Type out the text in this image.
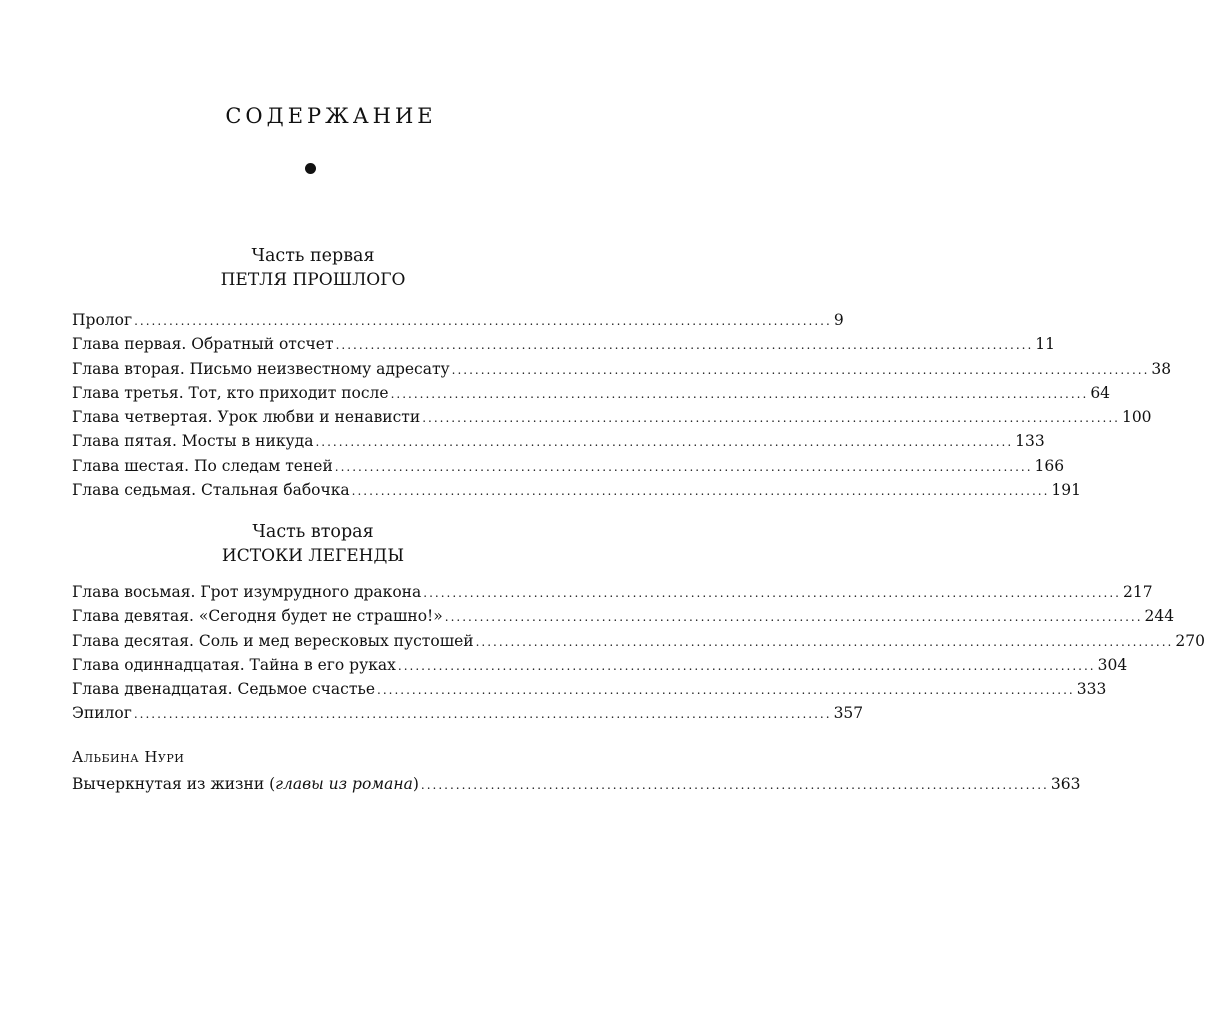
СОДЕРЖАНИЕ
Часть первая
ПЕТЛЯ ПРОШЛОГО
Пролог ........................................................................................................................ 9
Глава первая. Обратный отсчет ........................................................................................................................ 11
Глава вторая. Письмо неизвестному адресату ........................................................................................................................ 38
Глава третья. Тот, кто приходит после ........................................................................................................................ 64
Глава четвертая. Урок любви и ненависти ........................................................................................................................ 100
Глава пятая. Мосты в никуда ........................................................................................................................ 133
Глава шестая. По следам теней ........................................................................................................................ 166
Глава седьмая. Стальная бабочка ........................................................................................................................ 191
Часть вторая
ИСТОКИ ЛЕГЕНДЫ
Глава восьмая. Грот изумрудного дракона ........................................................................................................................ 217
Глава девятая. «Сегодня будет не страшно!» ........................................................................................................................ 244
Глава десятая. Соль и мед вересковых пустошей ........................................................................................................................ 270
Глава одиннадцатая. Тайна в его руках ........................................................................................................................ 304
Глава двенадцатая. Седьмое счастье ........................................................................................................................ 333
Эпилог ........................................................................................................................ 357
Альбина Нури
Вычеркнутая из жизни (главы из романа) ............................................................................................................ 363
